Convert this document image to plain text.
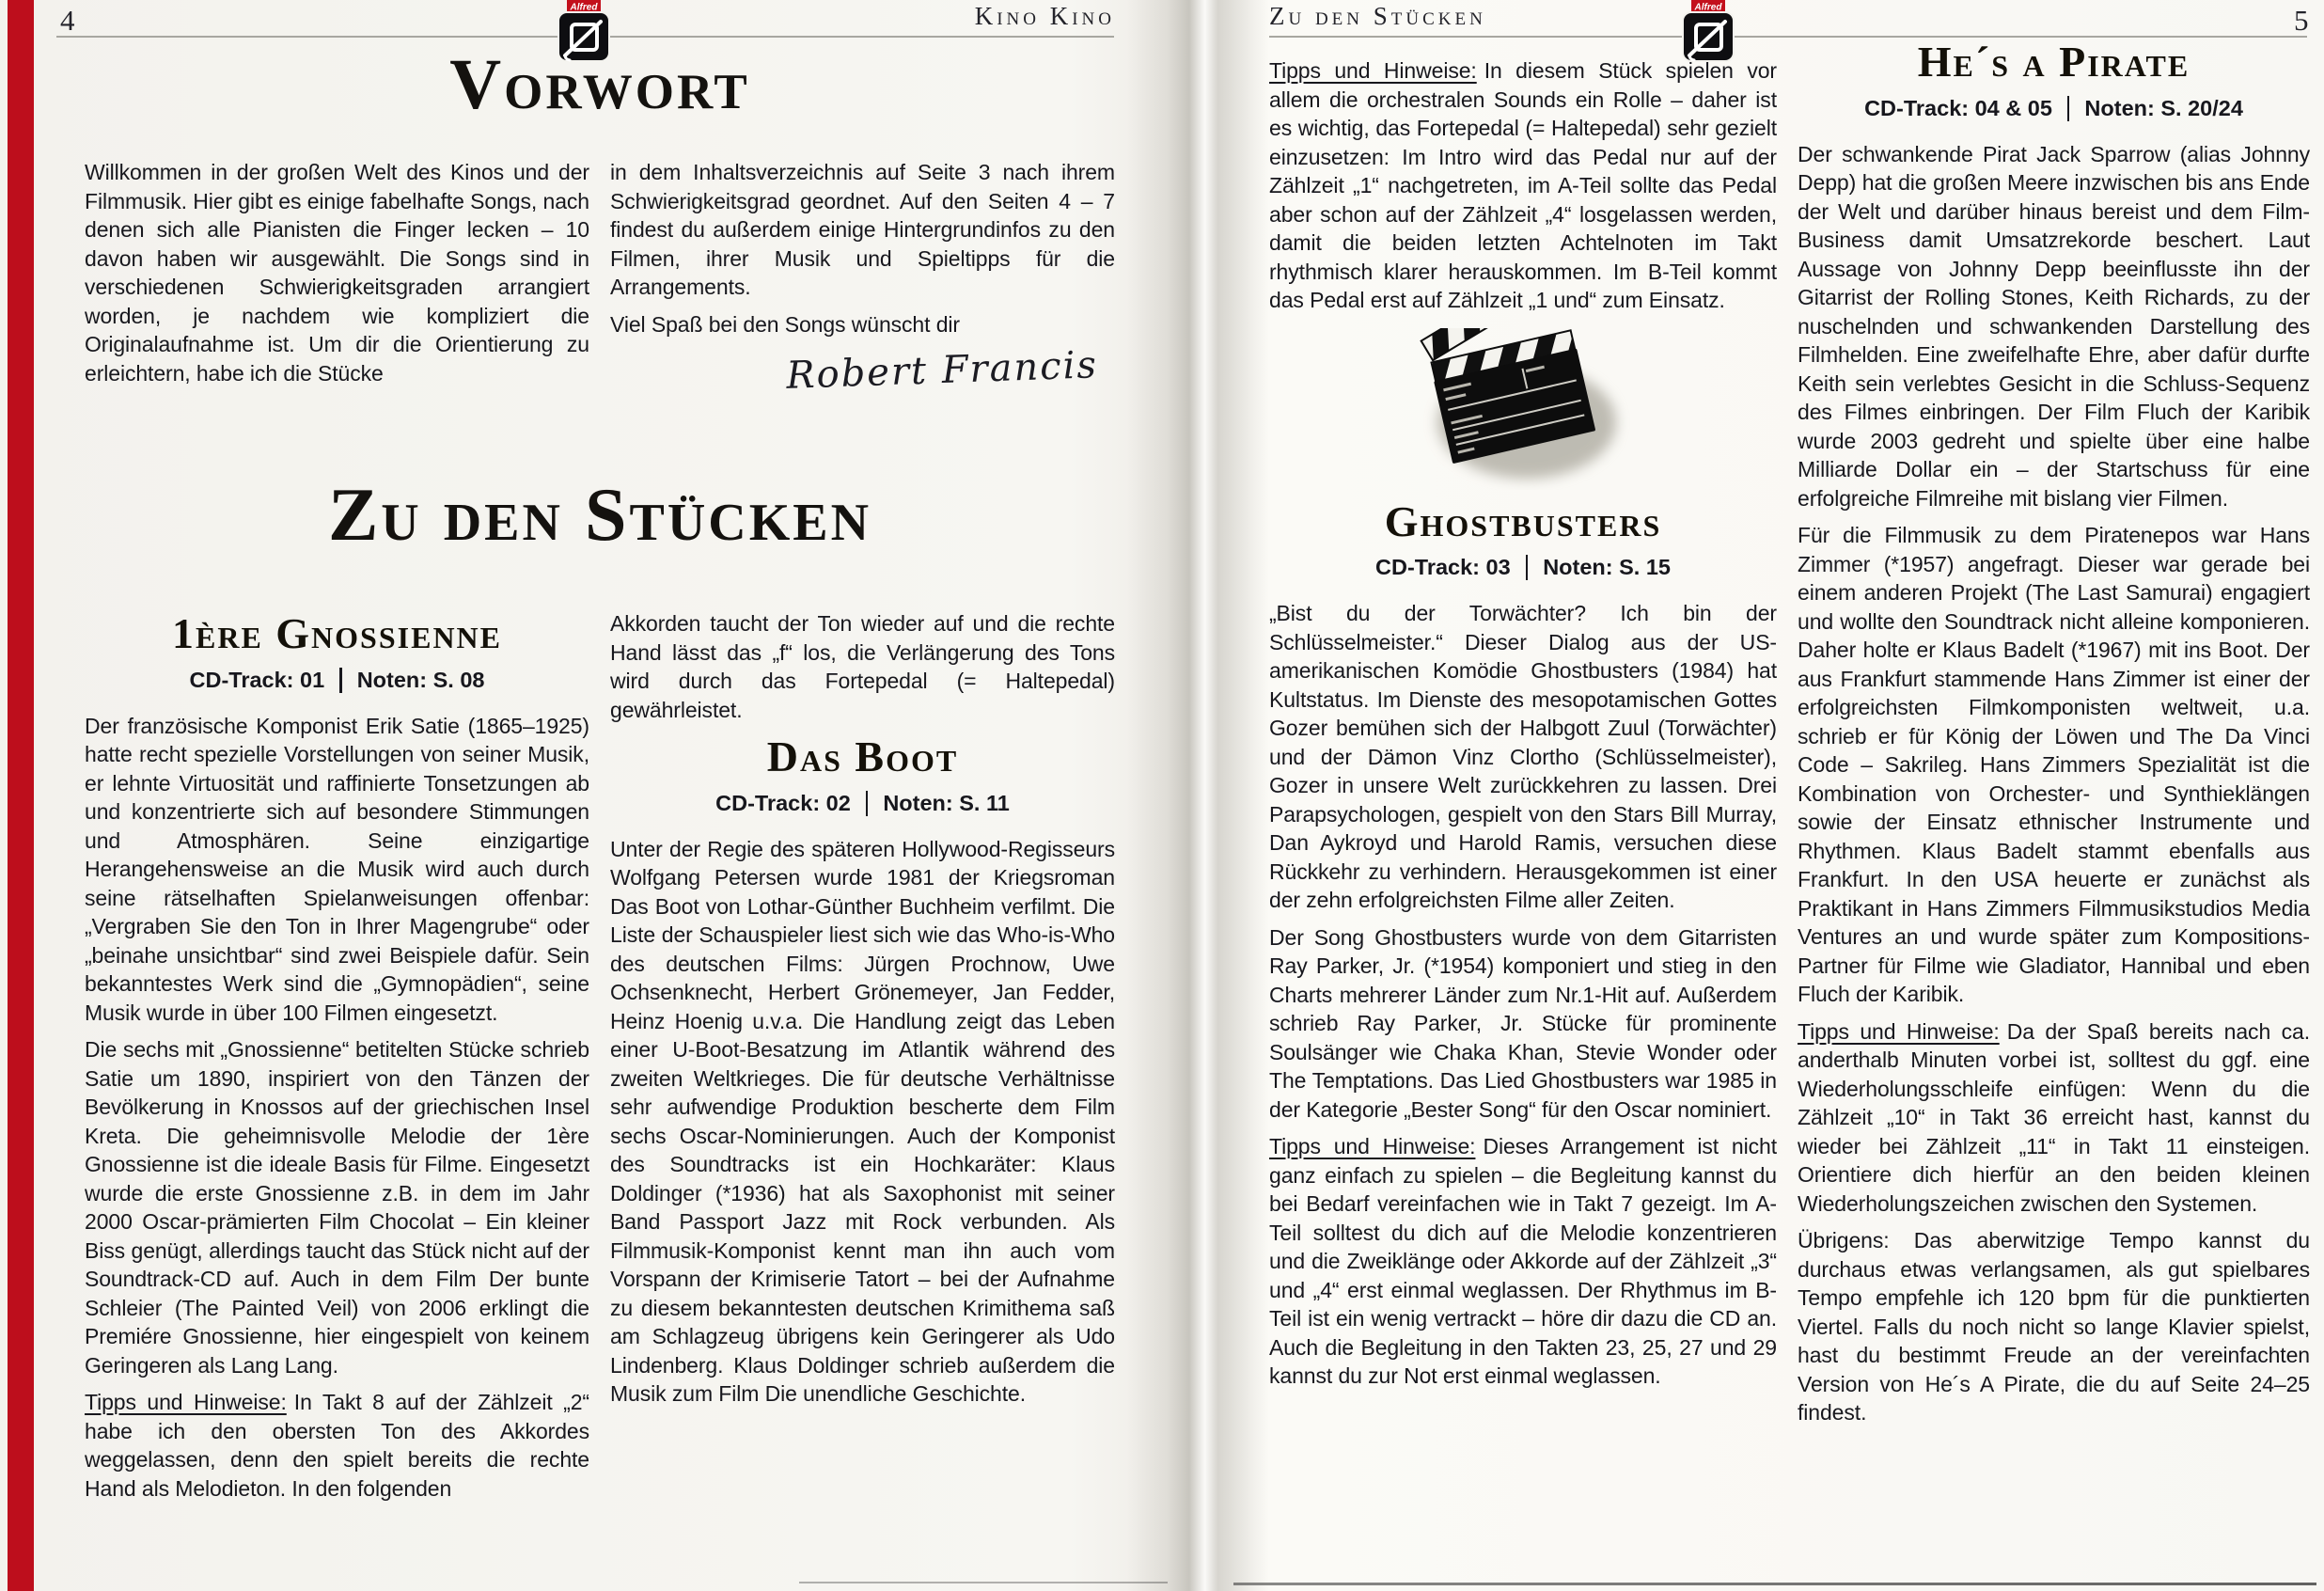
4	Kino Kino
Alfred	Zu den Stücken	5
Alfred
Vorwort

Willkommen in der großen Welt des Kinos und der Filmmusik. Hier gibt es einige fabelhafte Songs, nach denen sich alle Pianisten die Finger lecken – 10 davon haben wir ausgewählt. Die Songs sind in verschiedenen Schwierigkeitsgraden arrangiert worden, je nachdem wie kompliziert die Originalaufnahme ist. Um dir die Orientierung zu erleichtern, habe ich die Stücke

in dem Inhaltsverzeichnis auf Seite 3 nach ihrem Schwierigkeitsgrad geordnet. Auf den Seiten 4 – 7 findest du außerdem einige Hintergrundinfos zu den Filmen, ihrer Musik und Spieltipps für die Arrangements.

Viel Spaß bei den Songs wünscht dir

Robert Francis
Zu den Stücken
1ère Gnossienne
CD-Track: 01 Noten: S. 08

Der französische Komponist Erik Satie (1865–1925) hatte recht spezielle Vorstellungen von seiner Musik, er lehnte Virtuosität und raffinierte Tonsetzungen ab und konzentrierte sich auf besondere Stimmungen und Atmosphären. Seine einzigartige Herangehensweise an die Musik wird auch durch seine rätselhaften Spielanweisungen offenbar: „Vergraben Sie den Ton in Ihrer Magengrube“ oder „beinahe unsichtbar“ sind zwei Beispiele dafür. Sein bekanntestes Werk sind die „Gymnopädien“, seine Musik wurde in über 100 Filmen eingesetzt.

Die sechs mit „Gnossienne“ betitelten Stücke schrieb Satie um 1890, inspiriert von den Tänzen der Bevölkerung in Knossos auf der griechischen Insel Kreta. Die geheimnisvolle Melodie der 1ère Gnossienne ist die ideale Basis für Filme. Eingesetzt wurde die erste Gnossienne z.B. in dem im Jahr 2000 Oscar-prämierten Film Chocolat – Ein kleiner Biss genügt, allerdings taucht das Stück nicht auf der Soundtrack-CD auf. Auch in dem Film Der bunte Schleier (The Painted Veil) von 2006 erklingt die Premiére Gnossienne, hier eingespielt von keinem Geringeren als Lang Lang.

Tipps und Hinweise: In Takt 8 auf der Zählzeit „2“ habe ich den obersten Ton des Akkordes weggelassen, denn den spielt bereits die rechte Hand als Melodieton. In den folgenden

Akkorden taucht der Ton wieder auf und die rechte Hand lässt das „f“ los, die Verlängerung des Tons wird durch das Fortepedal (= Haltepedal) gewährleistet.

Das Boot
CD-Track: 02 Noten: S. 11

Unter der Regie des späteren Hollywood-Regisseurs Wolfgang Petersen wurde 1981 der Kriegsroman Das Boot von Lothar-Günther Buchheim verfilmt. Die Liste der Schauspieler liest sich wie das Who-is-Who des deutschen Films: Jürgen Prochnow, Uwe Ochsenknecht, Herbert Grönemeyer, Jan Fedder, Heinz Hoenig u.v.a. Die Handlung zeigt das Leben einer U-Boot-Besatzung im Atlantik während des zweiten Weltkrieges. Die für deutsche Verhältnisse sehr aufwendige Produktion bescherte dem Film sechs Oscar-Nominierungen. Auch der Komponist des Soundtracks ist ein Hochkaräter: Klaus Doldinger (*1936) hat als Saxophonist mit seiner Band Passport Jazz mit Rock verbunden. Als Filmmusik-Komponist kennt man ihn auch vom Vorspann der Krimiserie Tatort – bei der Aufnahme zu diesem bekanntesten deutschen Krimithema saß am Schlagzeug übrigens kein Geringerer als Udo Lindenberg. Klaus Doldinger schrieb außerdem die Musik zum Film Die unendliche Geschichte.

Tipps und Hinweise: In diesem Stück spielen vor allem die orchestralen Sounds ein Rolle – daher ist es wichtig, das Fortepedal (= Haltepedal) sehr gezielt einzusetzen: Im Intro wird das Pedal nur auf der Zählzeit „1“ nachgetreten, im A-Teil sollte das Pedal aber schon auf der Zählzeit „4“ losgelassen werden, damit die beiden letzten Achtelnoten im Takt rhythmisch klarer herauskommen. Im B-Teil kommt das Pedal erst auf Zählzeit „1 und“ zum Einsatz.

Ghostbusters
CD-Track: 03 Noten: S. 15

„Bist du der Torwächter? Ich bin der Schlüsselmeister.“ Dieser Dialog aus der US-amerikanischen Komödie Ghostbusters (1984) hat Kultstatus. Im Dienste des mesopotamischen Gottes Gozer bemühen sich der Halbgott Zuul (Torwächter) und der Dämon Vinz Clortho (Schlüsselmeister), Gozer in unsere Welt zurückkehren zu lassen. Drei Parapsychologen, gespielt von den Stars Bill Murray, Dan Aykroyd und Harold Ramis, versuchen diese Rückkehr zu verhindern. Herausgekommen ist einer der zehn erfolgreichsten Filme aller Zeiten.

Der Song Ghostbusters wurde von dem Gitarristen Ray Parker, Jr. (*1954) komponiert und stieg in den Charts mehrerer Länder zum Nr.1-Hit auf. Außerdem schrieb Ray Parker, Jr. Stücke für prominente Soulsänger wie Chaka Khan, Stevie Wonder oder The Temptations. Das Lied Ghostbusters war 1985 in der Kategorie „Bester Song“ für den Oscar nominiert.

Tipps und Hinweise: Dieses Arrangement ist nicht ganz einfach zu spielen – die Begleitung kannst du bei Bedarf vereinfachen wie in Takt 7 gezeigt. Im A-Teil solltest du dich auf die Melodie konzentrieren und die Zweiklänge oder Akkorde auf der Zählzeit „3“ und „4“ erst einmal weglassen. Der Rhythmus im B-Teil ist ein wenig vertrackt – höre dir dazu die CD an. Auch die Begleitung in den Takten 23, 25, 27 und 29 kannst du zur Not erst einmal weglassen.

He´s a Pirate
CD-Track: 04 & 05 Noten: S. 20/24

Der schwankende Pirat Jack Sparrow (alias Johnny Depp) hat die großen Meere inzwischen bis ans Ende der Welt und darüber hinaus bereist und dem Film-Business damit Umsatzrekorde beschert. Laut Aussage von Johnny Depp beeinflusste ihn der Gitarrist der Rolling Stones, Keith Richards, zu der nuschelnden und schwankenden Darstellung des Filmhelden. Eine zweifelhafte Ehre, aber dafür durfte Keith sein verlebtes Gesicht in die Schluss-Sequenz des Filmes einbringen. Der Film Fluch der Karibik wurde 2003 gedreht und spielte über eine halbe Milliarde Dollar ein – der Startschuss für eine erfolgreiche Filmreihe mit bislang vier Filmen.

Für die Filmmusik zu dem Piratenepos war Hans Zimmer (*1957) angefragt. Dieser war gerade bei einem anderen Projekt (The Last Samurai) engagiert und wollte den Soundtrack nicht alleine komponieren. Daher holte er Klaus Badelt (*1967) mit ins Boot. Der aus Frankfurt stammende Hans Zimmer ist einer der erfolgreichsten Filmkomponisten weltweit, u.a. schrieb er für König der Löwen und The Da Vinci Code – Sakrileg. Hans Zimmers Spezialität ist die Kombination von Orchester- und Synthieklängen sowie der Einsatz ethnischer Instrumente und Rhythmen. Klaus Badelt stammt ebenfalls aus Frankfurt. In den USA heuerte er zunächst als Praktikant in Hans Zimmers Filmmusikstudios Media Ventures an und wurde später zum Kompositions-Partner für Filme wie Gladiator, Hannibal und eben Fluch der Karibik.

Tipps und Hinweise: Da der Spaß bereits nach ca. anderthalb Minuten vorbei ist, solltest du ggf. eine Wiederholungsschleife einfügen: Wenn du die Zählzeit „10“ in Takt 36 erreicht hast, kannst du wieder bei Zählzeit „11“ in Takt 11 einsteigen. Orientiere dich hierfür an den beiden kleinen Wiederholungszeichen zwischen den Systemen.

Übrigens: Das aberwitzige Tempo kannst du durchaus etwas verlangsamen, als gut spielbares Tempo empfehle ich 120 bpm für die punktierten Viertel. Falls du noch nicht so lange Klavier spielst, hast du bestimmt Freude an der vereinfachten Version von He´s A Pirate, die du auf Seite 24–25 findest.
